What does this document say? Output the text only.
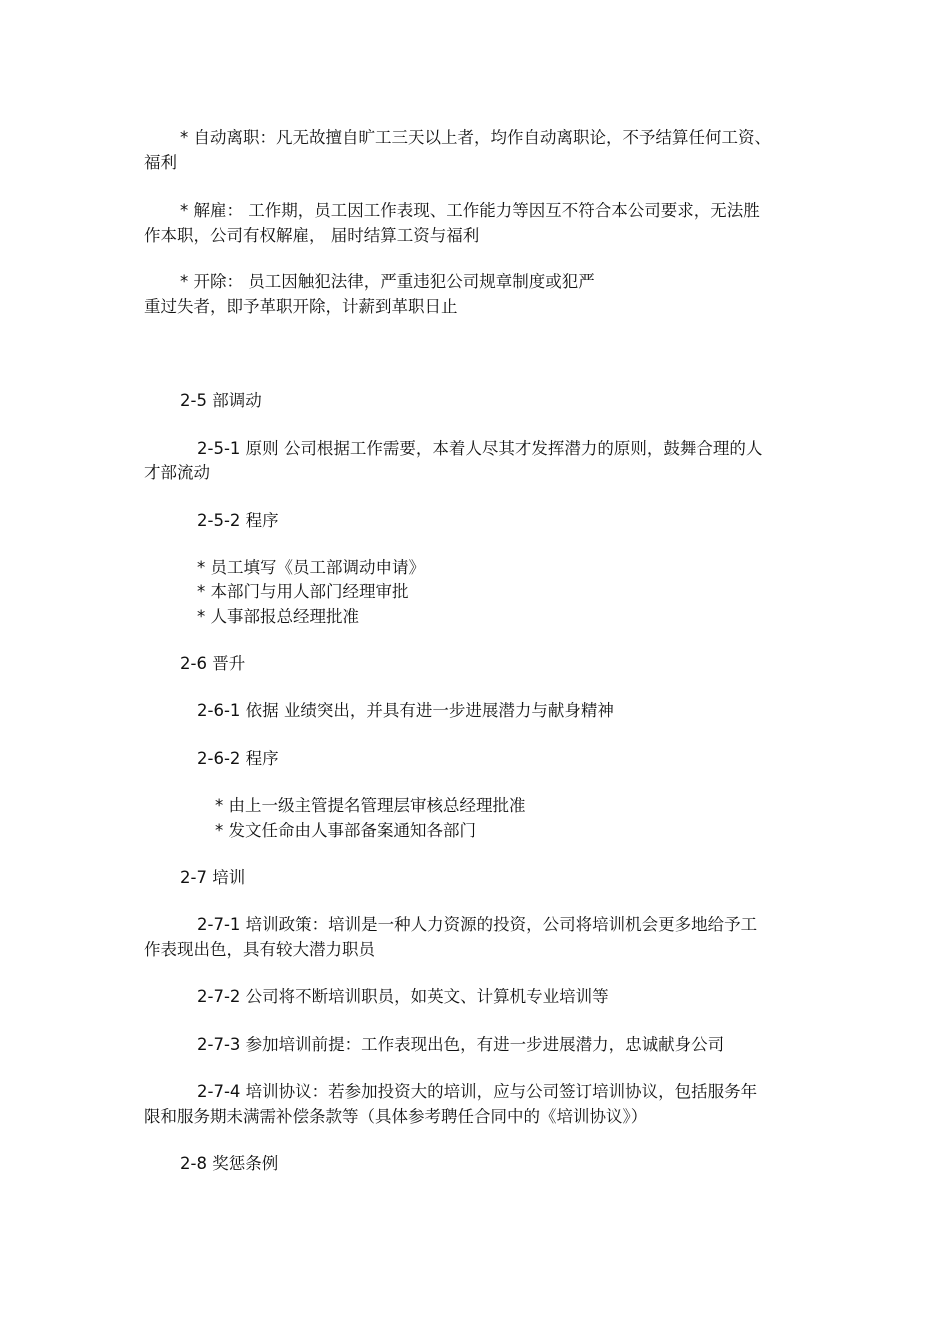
* 自动离职：凡无故擅自旷工三天以上者，均作自动离职论，不予结算任何工资、
福利
* 解雇： 工作期，员工因工作表现、工作能力等因互不符合本公司要求，无法胜
作本职，公司有权解雇， 届时结算工资与福利
* 开除： 员工因触犯法律，严重违犯公司规章制度或犯严
重过失者，即予革职开除，计薪到革职日止
2-5 部调动
2-5-1 原则 公司根据工作需要，本着人尽其才发挥潜力的原则，鼓舞合理的人
才部流动
2-5-2 程序
* 员工填写《员工部调动申请》
* 本部门与用人部门经理审批
* 人事部报总经理批准
2-6 晋升
2-6-1 依据 业绩突出，并具有进一步进展潜力与献身精神
2-6-2 程序
* 由上一级主管提名管理层审核总经理批准
* 发文任命由人事部备案通知各部门
2-7 培训
2-7-1 培训政策：培训是一种人力资源的投资，公司将培训机会更多地给予工
作表现出色，具有较大潜力职员
2-7-2 公司将不断培训职员，如英文、计算机专业培训等
2-7-3 参加培训前提：工作表现出色，有进一步进展潜力，忠诚献身公司
2-7-4 培训协议：若参加投资大的培训，应与公司签订培训协议，包括服务年
限和服务期未满需补偿条款等（具体参考聘任合同中的《培训协议》）
2-8 奖惩条例
